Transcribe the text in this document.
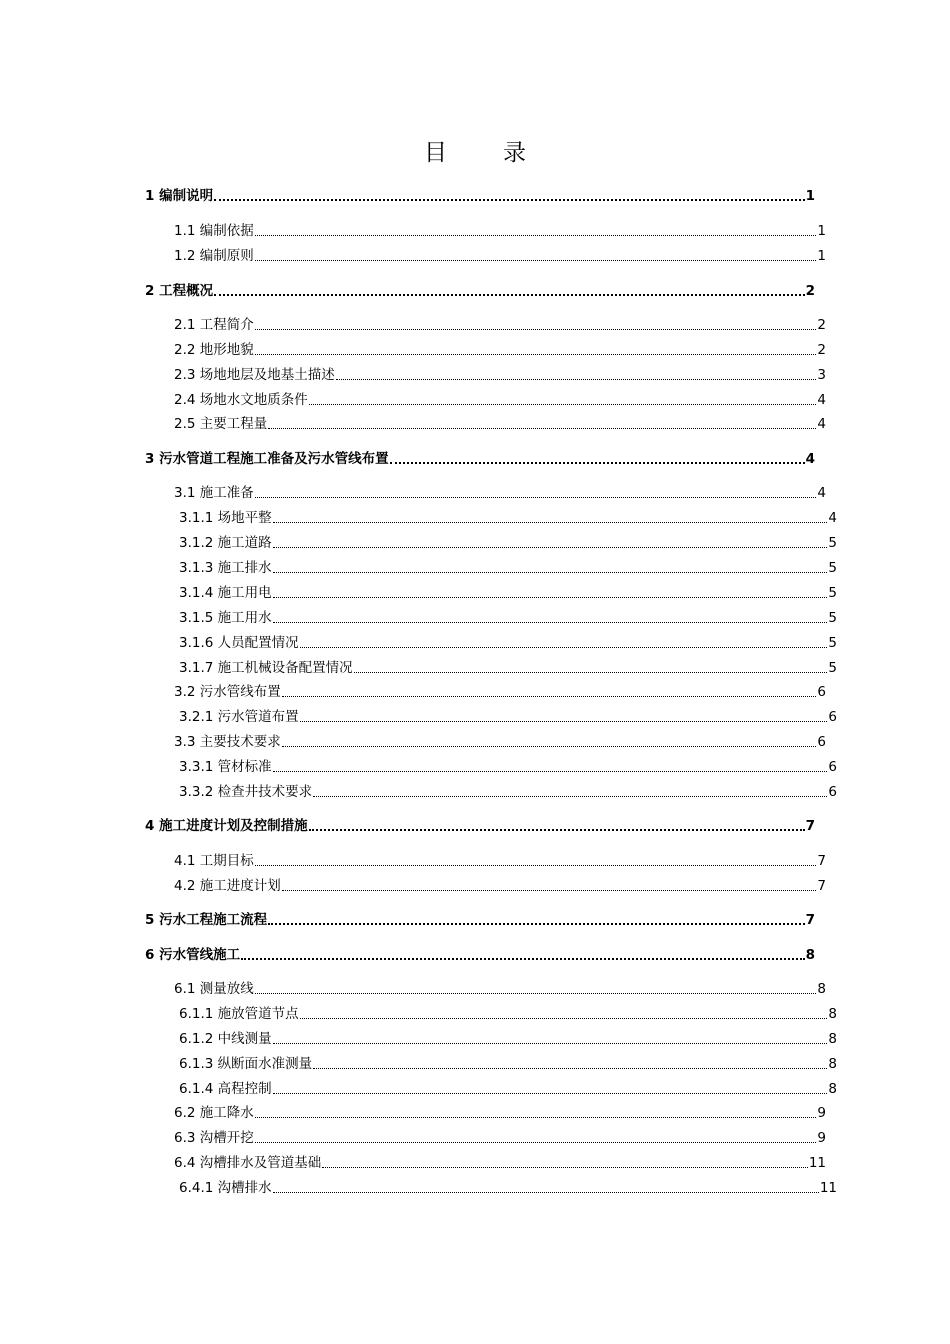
目 录
1 编制说明	1
1.1 编制依据	1
1.2 编制原则	1
2 工程概况	2
2.1 工程简介	2
2.2 地形地貌	2
2.3 场地地层及地基土描述	3
2.4 场地水文地质条件	4
2.5 主要工程量	4
3 污水管道工程施工准备及污水管线布置	4
3.1 施工准备	4
3.1.1 场地平整	4
3.1.2 施工道路	5
3.1.3 施工排水	5
3.1.4 施工用电	5
3.1.5 施工用水	5
3.1.6 人员配置情况	5
3.1.7 施工机械设备配置情况	5
3.2 污水管线布置	6
3.2.1 污水管道布置	6
3.3 主要技术要求	6
3.3.1 管材标准	6
3.3.2 检查井技术要求	6
4 施工进度计划及控制措施	7
4.1 工期目标	7
4.2 施工进度计划	7
5 污水工程施工流程	7
6 污水管线施工	8
6.1 测量放线	8
6.1.1 施放管道节点	8
6.1.2 中线测量	8
6.1.3 纵断面水准测量	8
6.1.4 高程控制	8
6.2 施工降水	9
6.3 沟槽开挖	9
6.4 沟槽排水及管道基础	11
6.4.1 沟槽排水	11
